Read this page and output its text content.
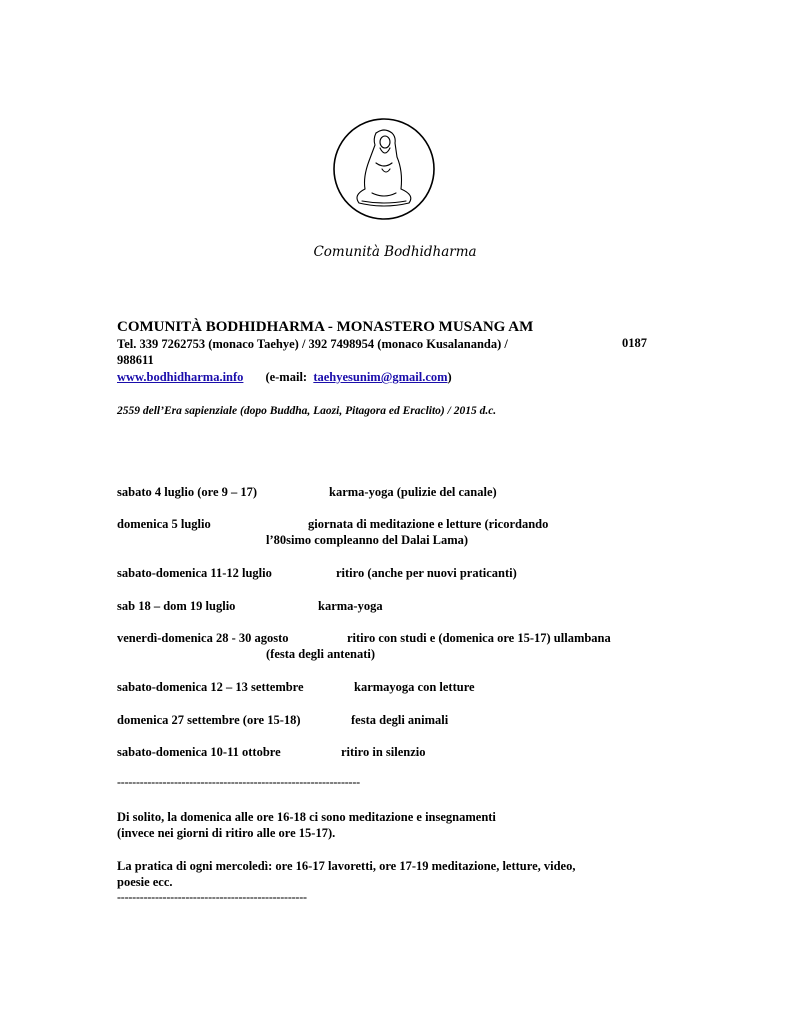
Comunità Bodhidharma
COMUNITÀ BODHIDHARMA - MONASTERO MUSANG AM
Tel. 339 7262753 (monaco Taehye) / 392 7498954 (monaco Kusalananda) /	0187
988611
www.bodhidharma.info (e-mail: taehyesunim@gmail.com)
2559 dell’Era sapienziale (dopo Buddha, Laozi, Pitagora ed Eraclito) / 2015 d.c.
sabato 4 luglio (ore 9 – 17)	karma-yoga (pulizie del canale)
domenica 5 luglio	giornata di meditazione e letture (ricordando
l’80simo compleanno del Dalai Lama)
sabato-domenica 11-12 luglio	ritiro (anche per nuovi praticanti)
sab 18 – dom 19 luglio	karma-yoga
venerdì-domenica 28 - 30 agosto	ritiro con studi e (domenica ore 15-17) ullambana
(festa degli antenati)
sabato-domenica 12 – 13 settembre	karmayoga con letture
domenica 27 settembre (ore 15-18)	festa degli animali
sabato-domenica 10-11 ottobre	ritiro in silenzio
----------------------------------------------------------------
Di solito, la domenica alle ore 16-18 ci sono meditazione e insegnamenti
(invece nei giorni di ritiro alle ore 15-17).
La pratica di ogni mercoledì: ore 16-17 lavoretti, ore 17-19 meditazione, letture, video,
poesie ecc.
--------------------------------------------------
